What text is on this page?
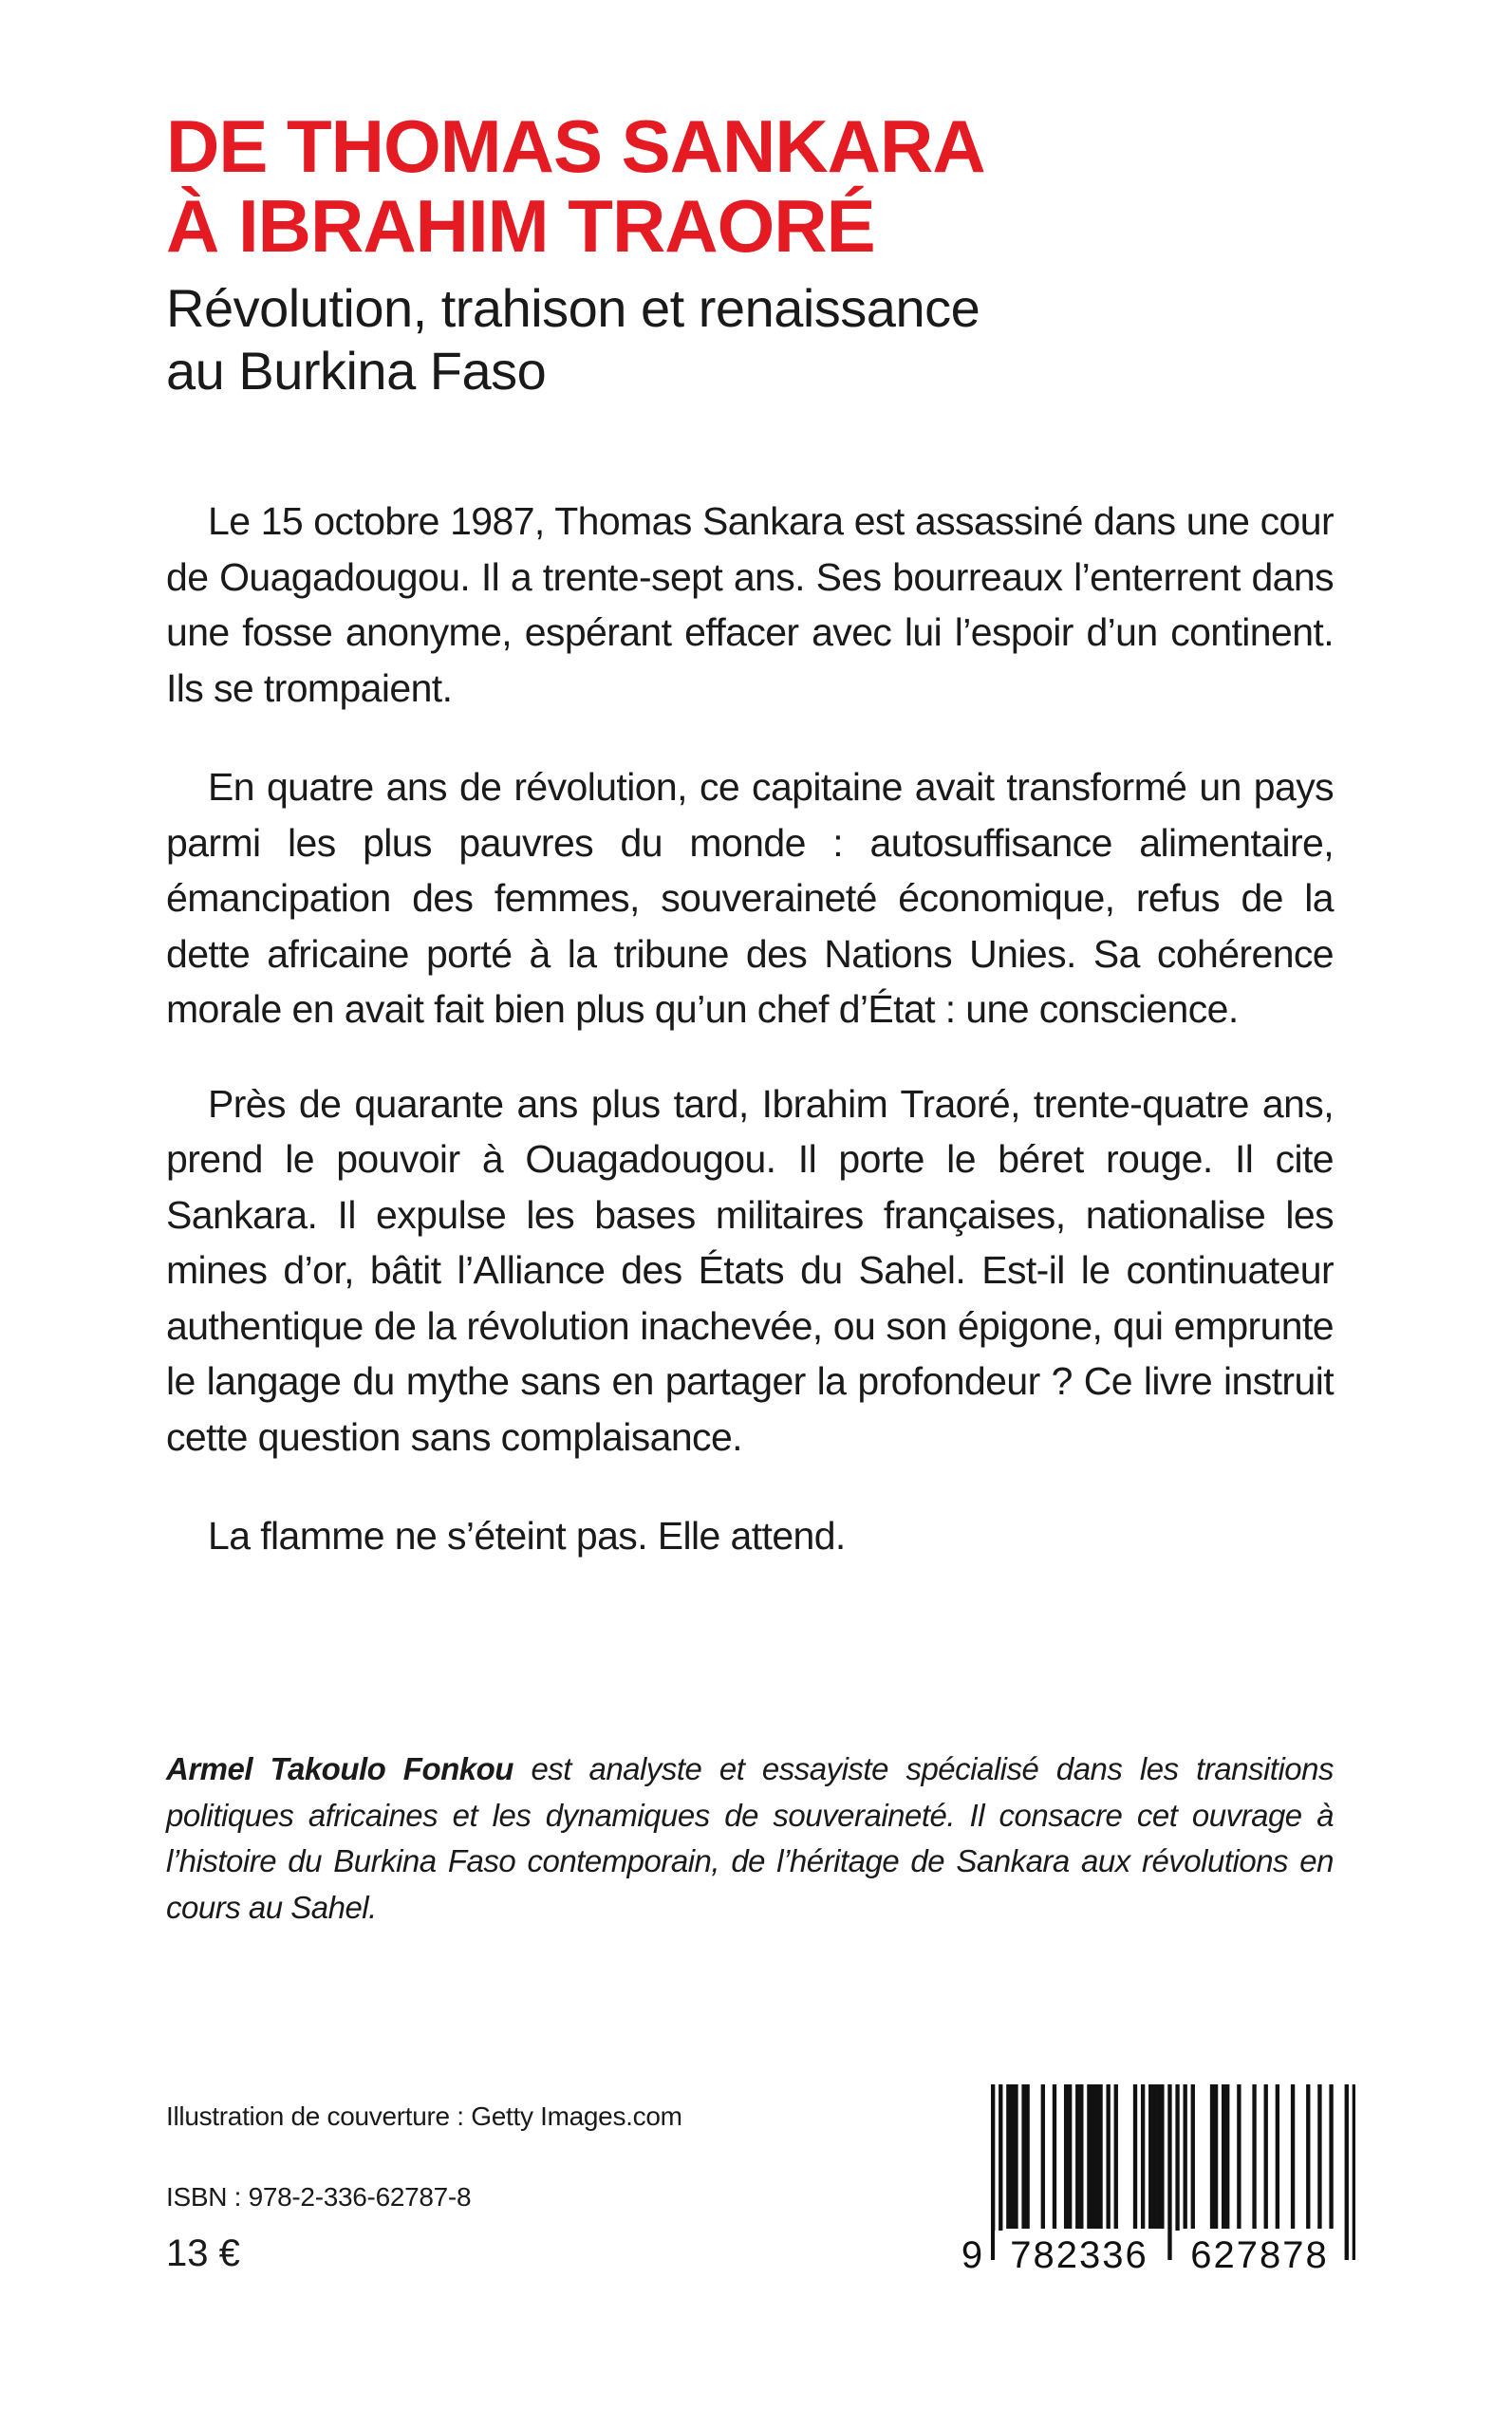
DE THOMAS SANKARA
À IBRAHIM TRAORÉ
Révolution, trahison et renaissance
au Burkina Faso

Le 15 octobre 1987, Thomas Sankara est assassiné dans une cour de Ouagadougou. Il a trente-sept ans. Ses bourreaux l’enterrent dans une fosse anonyme, espérant effacer avec lui l’espoir d’un continent. Ils se trompaient.

En quatre ans de révolution, ce capitaine avait transformé un pays parmi les plus pauvres du monde : autosuffisance alimentaire, émancipation des femmes, souveraineté économique, refus de la dette africaine porté à la tribune des Nations Unies. Sa cohérence morale en avait fait bien plus qu’un chef d’État : une conscience.

Près de quarante ans plus tard, Ibrahim Traoré, trente-quatre ans, prend le pouvoir à Ouagadougou. Il porte le béret rouge. Il cite Sankara. Il expulse les bases militaires françaises, nationalise les mines d’or, bâtit l’Alliance des États du Sahel. Est-il le continuateur authentique de la révolution inachevée, ou son épigone, qui emprunte le langage du mythe sans en partager la profondeur ? Ce livre instruit cette question sans complaisance.

La flamme ne s’éteint pas. Elle attend.

Armel Takoulo Fonkou est analyste et essayiste spécialisé dans les transitions politiques africaines et les dynamiques de souveraineté. Il consacre cet ouvrage à l’histoire du Burkina Faso contemporain, de l’héritage de Sankara aux révolutions en cours au Sahel.
Illustration de couverture : Getty Images.com
ISBN : 978-2-336-62787-8
13 €	9 782336	627878
